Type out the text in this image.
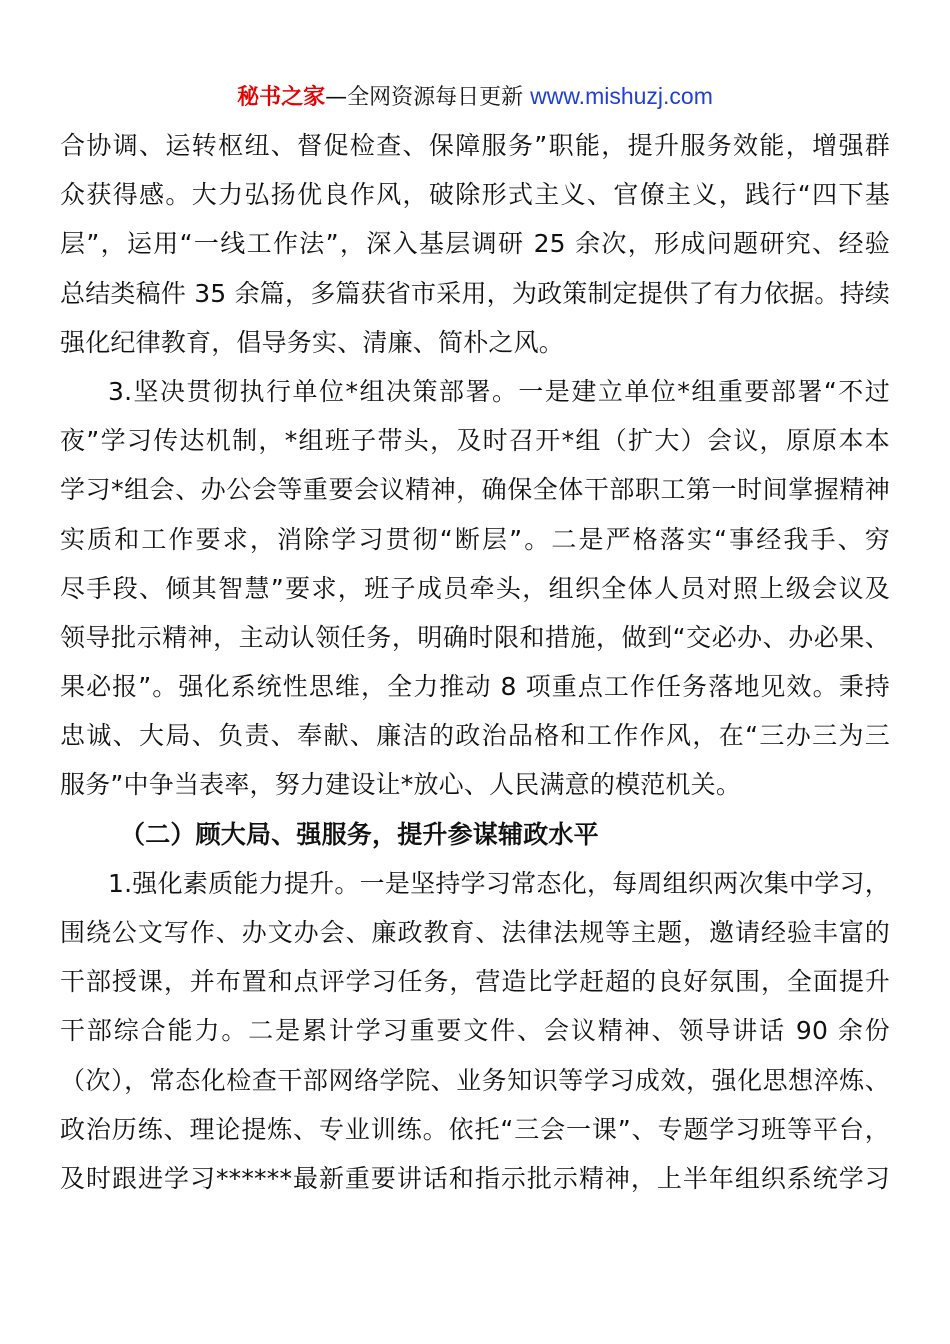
秘书之家—全网资源每日更新 www.mishuzj.com
合协调、运转枢纽、督促检查、保障服务”职能，提升服务效能，增强群
众获得感。大力弘扬优良作风，破除形式主义、官僚主义，践行“四下基
层”，运用“一线工作法”，深入基层调研 25 余次，形成问题研究、经验
总结类稿件 35 余篇，多篇获省市采用，为政策制定提供了有力依据。持续
强化纪律教育，倡导务实、清廉、简朴之风。
3.坚决贯彻执行单位*组决策部署。一是建立单位*组重要部署“不过
夜”学习传达机制，*组班子带头，及时召开*组（扩大）会议，原原本本
学习*组会、办公会等重要会议精神，确保全体干部职工第一时间掌握精神
实质和工作要求，消除学习贯彻“断层”。二是严格落实“事经我手、穷
尽手段、倾其智慧”要求，班子成员牵头，组织全体人员对照上级会议及
领导批示精神，主动认领任务，明确时限和措施，做到“交必办、办必果、
果必报”。强化系统性思维，全力推动 8 项重点工作任务落地见效。秉持
忠诚、大局、负责、奉献、廉洁的政治品格和工作作风，在“三办三为三
服务”中争当表率，努力建设让*放心、人民满意的模范机关。
（二）顾大局、强服务，提升参谋辅政水平
1.强化素质能力提升。一是坚持学习常态化，每周组织两次集中学习，
围绕公文写作、办文办会、廉政教育、法律法规等主题，邀请经验丰富的
干部授课，并布置和点评学习任务，营造比学赶超的良好氛围，全面提升
干部综合能力。二是累计学习重要文件、会议精神、领导讲话 90 余份
（次），常态化检查干部网络学院、业务知识等学习成效，强化思想淬炼、
政治历练、理论提炼、专业训练。依托“三会一课”、专题学习班等平台，
及时跟进学习******最新重要讲话和指示批示精神，上半年组织系统学习
